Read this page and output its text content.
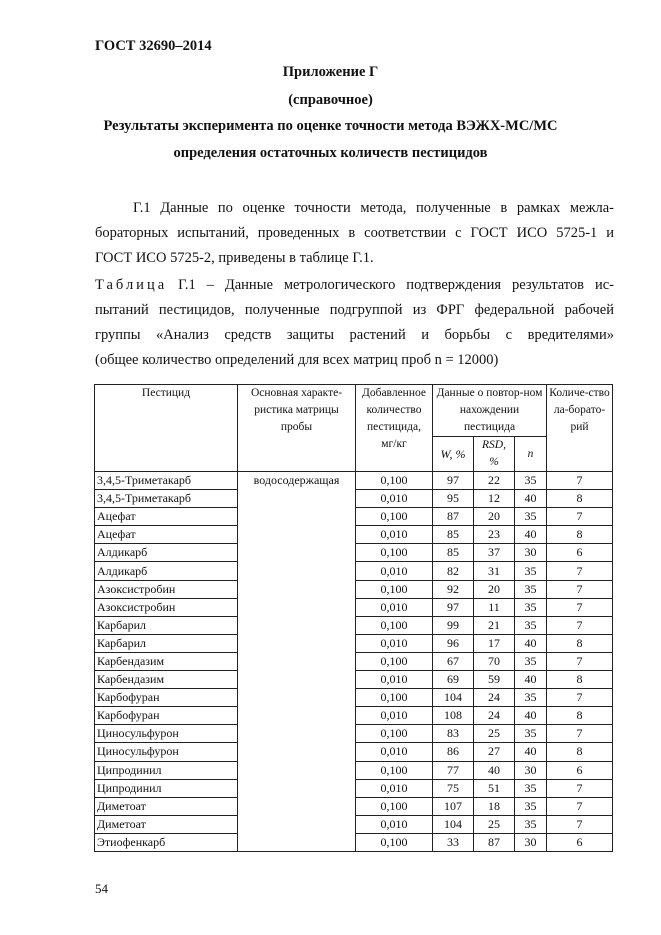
ГОСТ 32690–2014
Приложение Г
(справочное)
Результаты эксперимента по оценке точности метода ВЭЖХ-МС/МС
определения остаточных количеств пестицидов
Г.1 Данные по оценке точности метода, полученные в рамках межла-
бораторных испытаний, проведенных в соответствии с ГОСТ ИСО 5725-1 и
ГОСТ ИСО 5725-2, приведены в таблице Г.1.
Таблица Г.1 – Данные метрологического подтверждения результатов ис-
пытаний пестицидов, полученные подгруппой из ФРГ федеральной рабочей
группы «Анализ средств защиты растений и борьбы с вредителями»
(общее количество определений для всех матриц проб n = 12000)
Пестицид	Основная характе-ристика матрицы пробы	Добавленное количество пестицида, мг/кг	Данные о повтор-ном нахождении пестицида			Количе-ство ла-борато-рий
			W, %	RSD, %	n	
3,4,5-Триметакарб	водосодержащая	0,100	97	22	35	7
3,4,5-Триметакарб		0,010	95	12	40	8
Ацефат		0,100	87	20	35	7
Ацефат		0,010	85	23	40	8
Алдикарб		0,100	85	37	30	6
Алдикарб		0,010	82	31	35	7
Азоксистробин		0,100	92	20	35	7
Азоксистробин		0,010	97	11	35	7
Карбарил		0,100	99	21	35	7
Карбарил		0,010	96	17	40	8
Карбендазим		0,100	67	70	35	7
Карбендазим		0,010	69	59	40	8
Карбофуран		0,100	104	24	35	7
Карбофуран		0,010	108	24	40	8
Циносульфурон		0,100	83	25	35	7
Циносульфурон		0,010	86	27	40	8
Ципродинил		0,100	77	40	30	6
Ципродинил		0,010	75	51	35	7
Диметоат		0,100	107	18	35	7
Диметоат		0,010	104	25	35	7
Этиофенкарб		0,100	33	87	30	6
54
